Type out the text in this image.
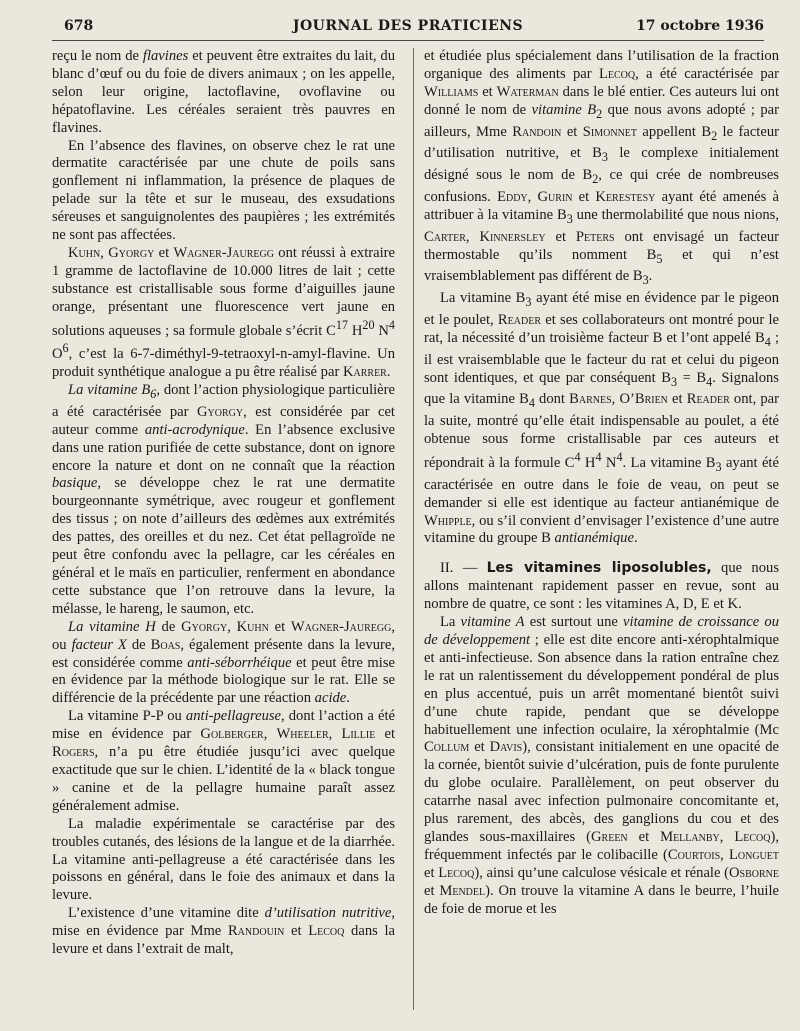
678	JOURNAL DES PRATICIENS	17 octobre 1936

reçu le nom de flavines et peuvent être extraites du lait, du blanc d’œuf ou du foie de divers animaux ; on les appelle, selon leur origine, lactoflavine, ovoflavine ou hépatoflavine. Les céréales seraient très pauvres en flavines.

En l’absence des flavines, on observe chez le rat une dermatite caractérisée par une chute de poils sans gonflement ni inflammation, la présence de plaques de pelade sur la tête et sur le museau, des exsudations séreuses et sanguignolentes des paupières ; les extrémités ne sont pas affectées.

Kuhn, Gyorgy et Wagner-Jauregg ont réussi à extraire 1 gramme de lactoflavine de 10.000 litres de lait ; cette substance est cristallisable sous forme d’aiguilles jaune orange, présentant une fluorescence vert jaune en solutions aqueuses ; sa formule globale s’écrit $C^{17}$ $H^{20}$ $N^4$ $O^6$, c’est la 6-7-diméthyl-9-tetraoxyl-n-amyl-flavine. Un produit synthétique analogue a pu être réalisé par Karrer.

La vitamine $B_6$, dont l’action physiologique particulière a été caractérisée par Gyorgy, est considérée par cet auteur comme anti-acrodynique. En l’absence exclusive dans une ration purifiée de cette substance, dont on ignore encore la nature et dont on ne connaît que la réaction basique, se développe chez le rat une dermatite bourgeonnante symétrique, avec rougeur et gonflement des tissus ; on note d’ailleurs des œdèmes aux extrémités des pattes, des oreilles et du nez. Cet état pellagroïde ne peut être confondu avec la pellagre, car les céréales en général et le maïs en particulier, renferment en abondance cette substance que l’on retrouve dans la levure, la mélasse, le hareng, le saumon, etc.

La vitamine H de Gyorgy, Kuhn et Wagner-Jauregg, ou facteur X de Boas, également présente dans la levure, est considérée comme anti-séborrhéique et peut être mise en évidence par la méthode biologique sur le rat. Elle se différencie de la précédente par une réaction acide.

La vitamine P-P ou anti-pellagreuse, dont l’action a été mise en évidence par Golberger, Wheeler, Lillie et Rogers, n’a pu être étudiée jusqu’ici avec quelque exactitude que sur le chien. L’identité de la « black tongue » canine et de la pellagre humaine paraît assez généralement admise.

La maladie expérimentale se caractérise par des troubles cutanés, des lésions de la langue et de la diarrhée. La vitamine anti-pellagreuse a été caractérisée dans les poissons en général, dans le foie des animaux et dans la levure.

L’existence d’une vitamine dite d’utilisation nutritive, mise en évidence par Mme Randouin et Lecoq dans la levure et dans l’extrait de malt,

et étudiée plus spécialement dans l’utilisation de la fraction organique des aliments par Lecoq, a été caractérisée par Williams et Waterman dans le blé entier. Ces auteurs lui ont donné le nom de vitamine $B_2$ que nous avons adopté ; par ailleurs, Mme Randoin et Simonnet appellent $B_2$ le facteur d’utilisation nutritive, et $B_3$ le complexe initialement désigné sous le nom de $B_2$, ce qui crée de nombreuses confusions. Eddy, Gurin et Kerestesy ayant été amenés à attribuer à la vitamine $B_3$ une thermolabilité que nous nions, Carter, Kinnersley et Peters ont envisagé un facteur thermostable qu’ils nomment $B_5$ et qui n’est vraisemblablement pas différent de $B_3$.

La vitamine $B_3$ ayant été mise en évidence par le pigeon et le poulet, Reader et ses collaborateurs ont montré pour le rat, la nécessité d’un troisième facteur B et l’ont appelé $B_4$ ; il est vraisemblable que le facteur du rat et celui du pigeon sont identiques, et que par conséquent $B_3 = B_4$. Signalons que la vitamine $B_4$ dont Barnes, O’Brien et Reader ont, par la suite, montré qu’elle était indispensable au poulet, a été obtenue sous forme cristallisable par ces auteurs et répondrait à la formule $C^4$ $H^4$ $N^4$. La vitamine $B_3$ ayant été caractérisée en outre dans le foie de veau, on peut se demander si elle est identique au facteur antianémique de Whipple, ou s’il convient d’envisager l’existence d’une autre vitamine du groupe B antianémique.

II. — Les vitamines liposolubles, que nous allons maintenant rapidement passer en revue, sont au nombre de quatre, ce sont : les vitamines A, D, E et K.

La vitamine A est surtout une vitamine de croissance ou de développement ; elle est dite encore anti-xérophtalmique et anti-infectieuse. Son absence dans la ration entraîne chez le rat un ralentissement du développement pondéral de plus en plus accentué, puis un arrêt momentané bientôt suivi d’une chute rapide, pendant que se développe habituellement une infection oculaire, la xérophtalmie (Mc Collum et Davis), consistant initialement en une opacité de la cornée, bientôt suivie d’ulcération, puis de fonte purulente du globe oculaire. Parallèlement, on peut observer du catarrhe nasal avec infection pulmonaire concomitante et, plus rarement, des abcès, des ganglions du cou et des glandes sous-maxillaires (Green et Mellanby, Lecoq), fréquemment infectés par le colibacille (Courtois, Longuet et Lecoq), ainsi qu’une calculose vésicale et rénale (Osborne et Mendel). On trouve la vitamine A dans le beurre, l’huile de foie de morue et les
